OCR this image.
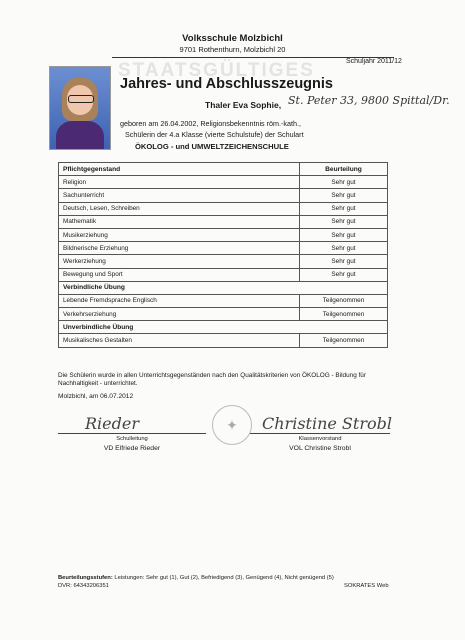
Volksschule Molzbichl
9701 Rothenthurn, Molzbichl 20
STAATSGÜLTIGES	Schuljahr 2011/12
Jahres- und Abschlusszeugnis
Thaler Eva Sophie, St. Peter 33, 9800 Spittal/Dr.
geboren am 26.04.2002, Religionsbekenntnis röm.-kath.,
Schülerin der 4.a Klasse (vierte Schulstufe) der Schulart
ÖKOLOG - und UMWELTZEICHENSCHULE
Pflichtgegenstand	Beurteilung
Religion	Sehr gut
Sachunterricht	Sehr gut
Deutsch, Lesen, Schreiben	Sehr gut
Mathematik	Sehr gut
Musikerziehung	Sehr gut
Bildnerische Erziehung	Sehr gut
Werkerziehung	Sehr gut
Bewegung und Sport	Sehr gut
Verbindliche Übung	
Lebende Fremdsprache Englisch	Teilgenommen
Verkehrserziehung	Teilgenommen
Unverbindliche Übung	
Musikalisches Gestalten	Teilgenommen
Die Schülerin wurde in allen Unterrichtsgegenständen nach den Qualitätskriterien von ÖKOLOG - Bildung für Nachhaltigkeit - unterrichtet.
Molzbichl, am 06.07.2012
Rieder	✦	Christine Strobl
Schulleitung	Klassenvorstand
VD Elfriede Rieder	VOL Christine Strobl
Beurteilungsstufen: Leistungen: Sehr gut (1), Gut (2), Befriedigend (3), Genügend (4), Nicht genügend (5)
DVR: 64343206351	SOKRATES Web
